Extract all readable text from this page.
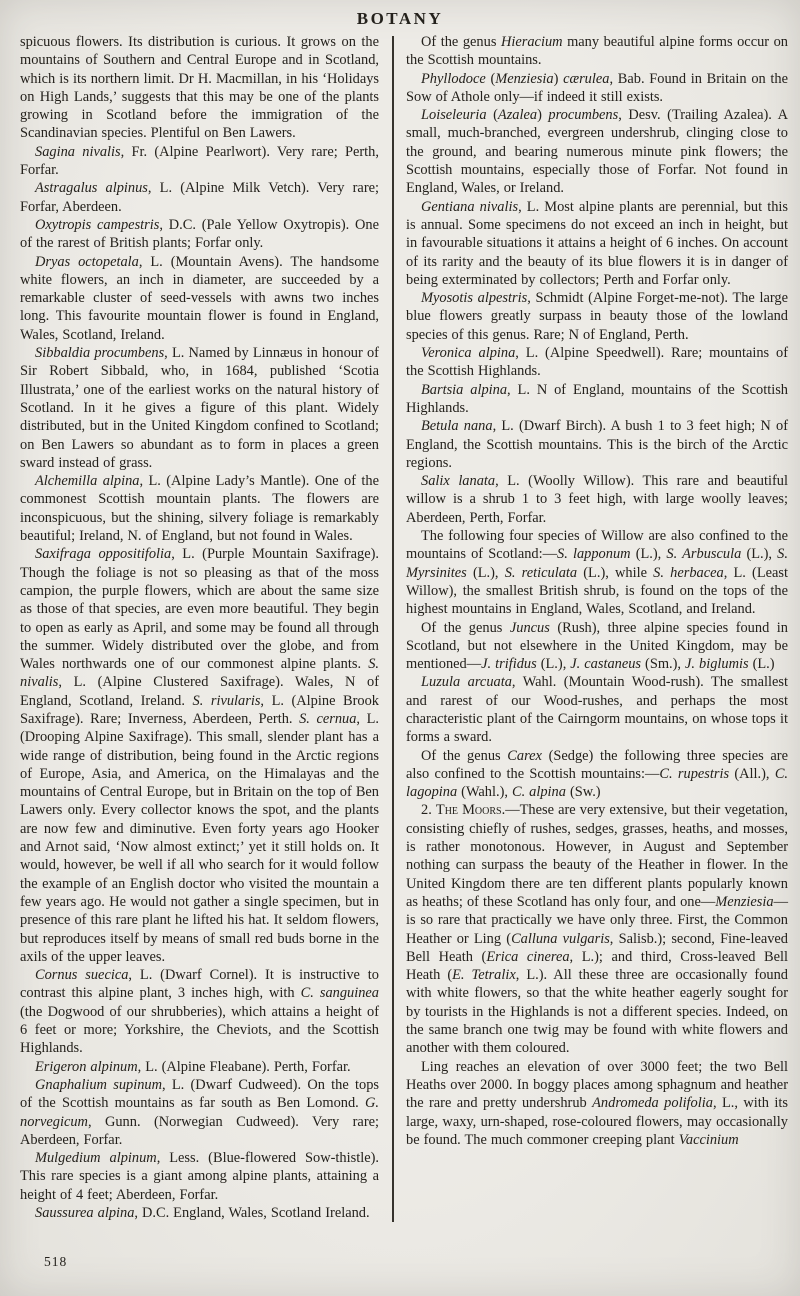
BOTANY

spicuous flowers. Its distribution is curious. It grows on the mountains of Southern and Central Europe and in Scotland, which is its northern limit. Dr H. Macmillan, in his ‘Holidays on High Lands,’ suggests that this may be one of the plants growing in Scotland before the immigration of the Scandinavian species. Plentiful on Ben Lawers.

Sagina nivalis, Fr. (Alpine Pearlwort). Very rare; Perth, Forfar.

Astragalus alpinus, L. (Alpine Milk Vetch). Very rare; Forfar, Aberdeen.

Oxytropis campestris, D.C. (Pale Yellow Oxytropis). One of the rarest of British plants; Forfar only.

Dryas octopetala, L. (Mountain Avens). The handsome white flowers, an inch in diameter, are succeeded by a remarkable cluster of seed-vessels with awns two inches long. This favourite mountain flower is found in England, Wales, Scotland, Ireland.

Sibbaldia procumbens, L. Named by Linnæus in honour of Sir Robert Sibbald, who, in 1684, published ‘Scotia Illustrata,’ one of the earliest works on the natural history of Scotland. In it he gives a figure of this plant. Widely distributed, but in the United Kingdom confined to Scotland; on Ben Lawers so abundant as to form in places a green sward instead of grass.

Alchemilla alpina, L. (Alpine Lady’s Mantle). One of the commonest Scottish mountain plants. The flowers are inconspicuous, but the shining, silvery foliage is remarkably beautiful; Ireland, N. of England, but not found in Wales.

Saxifraga oppositifolia, L. (Purple Mountain Saxifrage). Though the foliage is not so pleasing as that of the moss campion, the purple flowers, which are about the same size as those of that species, are even more beautiful. They begin to open as early as April, and some may be found all through the summer. Widely distributed over the globe, and from Wales northwards one of our commonest alpine plants. S. nivalis, L. (Alpine Clustered Saxifrage). Wales, N of England, Scotland, Ireland. S. rivularis, L. (Alpine Brook Saxifrage). Rare; Inverness, Aberdeen, Perth. S. cernua, L. (Drooping Alpine Saxifrage). This small, slender plant has a wide range of distribution, being found in the Arctic regions of Europe, Asia, and America, on the Himalayas and the mountains of Central Europe, but in Britain on the top of Ben Lawers only. Every collector knows the spot, and the plants are now few and diminutive. Even forty years ago Hooker and Arnot said, ‘Now almost extinct;’ yet it still holds on. It would, however, be well if all who search for it would follow the example of an English doctor who visited the mountain a few years ago. He would not gather a single specimen, but in presence of this rare plant he lifted his hat. It seldom flowers, but reproduces itself by means of small red buds borne in the axils of the upper leaves.

Cornus suecica, L. (Dwarf Cornel). It is instructive to contrast this alpine plant, 3 inches high, with C. sanguinea (the Dogwood of our shrubberies), which attains a height of 6 feet or more; Yorkshire, the Cheviots, and the Scottish Highlands.

Erigeron alpinum, L. (Alpine Fleabane). Perth, Forfar.

Gnaphalium supinum, L. (Dwarf Cudweed). On the tops of the Scottish mountains as far south as Ben Lomond. G. norvegicum, Gunn. (Norwegian Cudweed). Very rare; Aberdeen, Forfar.

Mulgedium alpinum, Less. (Blue-flowered Sow-thistle). This rare species is a giant among alpine plants, attaining a height of 4 feet; Aberdeen, Forfar.

Saussurea alpina, D.C. England, Wales, Scotland Ireland.

Of the genus Hieracium many beautiful alpine forms occur on the Scottish mountains.

Phyllodoce (Menziesia) cærulea, Bab. Found in Britain on the Sow of Athole only—if indeed it still exists.

Loiseleuria (Azalea) procumbens, Desv. (Trailing Azalea). A small, much-branched, evergreen undershrub, clinging close to the ground, and bearing numerous minute pink flowers; the Scottish mountains, especially those of Forfar. Not found in England, Wales, or Ireland.

Gentiana nivalis, L. Most alpine plants are perennial, but this is annual. Some specimens do not exceed an inch in height, but in favourable situations it attains a height of 6 inches. On account of its rarity and the beauty of its blue flowers it is in danger of being exterminated by collectors; Perth and Forfar only.

Myosotis alpestris, Schmidt (Alpine Forget-me-not). The large blue flowers greatly surpass in beauty those of the lowland species of this genus. Rare; N of England, Perth.

Veronica alpina, L. (Alpine Speedwell). Rare; mountains of the Scottish Highlands.

Bartsia alpina, L. N of England, mountains of the Scottish Highlands.

Betula nana, L. (Dwarf Birch). A bush 1 to 3 feet high; N of England, the Scottish mountains. This is the birch of the Arctic regions.

Salix lanata, L. (Woolly Willow). This rare and beautiful willow is a shrub 1 to 3 feet high, with large woolly leaves; Aberdeen, Perth, Forfar.

The following four species of Willow are also confined to the mountains of Scotland:—S. lapponum (L.), S. Arbuscula (L.), S. Myrsinites (L.), S. reticulata (L.), while S. herbacea, L. (Least Willow), the smallest British shrub, is found on the tops of the highest mountains in England, Wales, Scotland, and Ireland.

Of the genus Juncus (Rush), three alpine species found in Scotland, but not elsewhere in the United Kingdom, may be mentioned—J. trifidus (L.), J. castaneus (Sm.), J. biglumis (L.)

Luzula arcuata, Wahl. (Mountain Wood-rush). The smallest and rarest of our Wood-rushes, and perhaps the most characteristic plant of the Cairngorm mountains, on whose tops it forms a sward.

Of the genus Carex (Sedge) the following three species are also confined to the Scottish mountains:—C. rupestris (All.), C. lagopina (Wahl.), C. alpina (Sw.)

2. The Moors.—These are very extensive, but their vegetation, consisting chiefly of rushes, sedges, grasses, heaths, and mosses, is rather monotonous. However, in August and September nothing can surpass the beauty of the Heather in flower. In the United Kingdom there are ten different plants popularly known as heaths; of these Scotland has only four, and one—Menziesia—is so rare that practically we have only three. First, the Common Heather or Ling (Calluna vulgaris, Salisb.); second, Fine-leaved Bell Heath (Erica cinerea, L.); and third, Cross-leaved Bell Heath (E. Tetralix, L.). All these three are occasionally found with white flowers, so that the white heather eagerly sought for by tourists in the Highlands is not a different species. Indeed, on the same branch one twig may be found with white flowers and another with them coloured.

Ling reaches an elevation of over 3000 feet; the two Bell Heaths over 2000. In boggy places among sphagnum and heather the rare and pretty undershrub Andromeda polifolia, L., with its large, waxy, urn-shaped, rose-coloured flowers, may occasionally be found. The much commoner creeping plant Vaccinium

518
